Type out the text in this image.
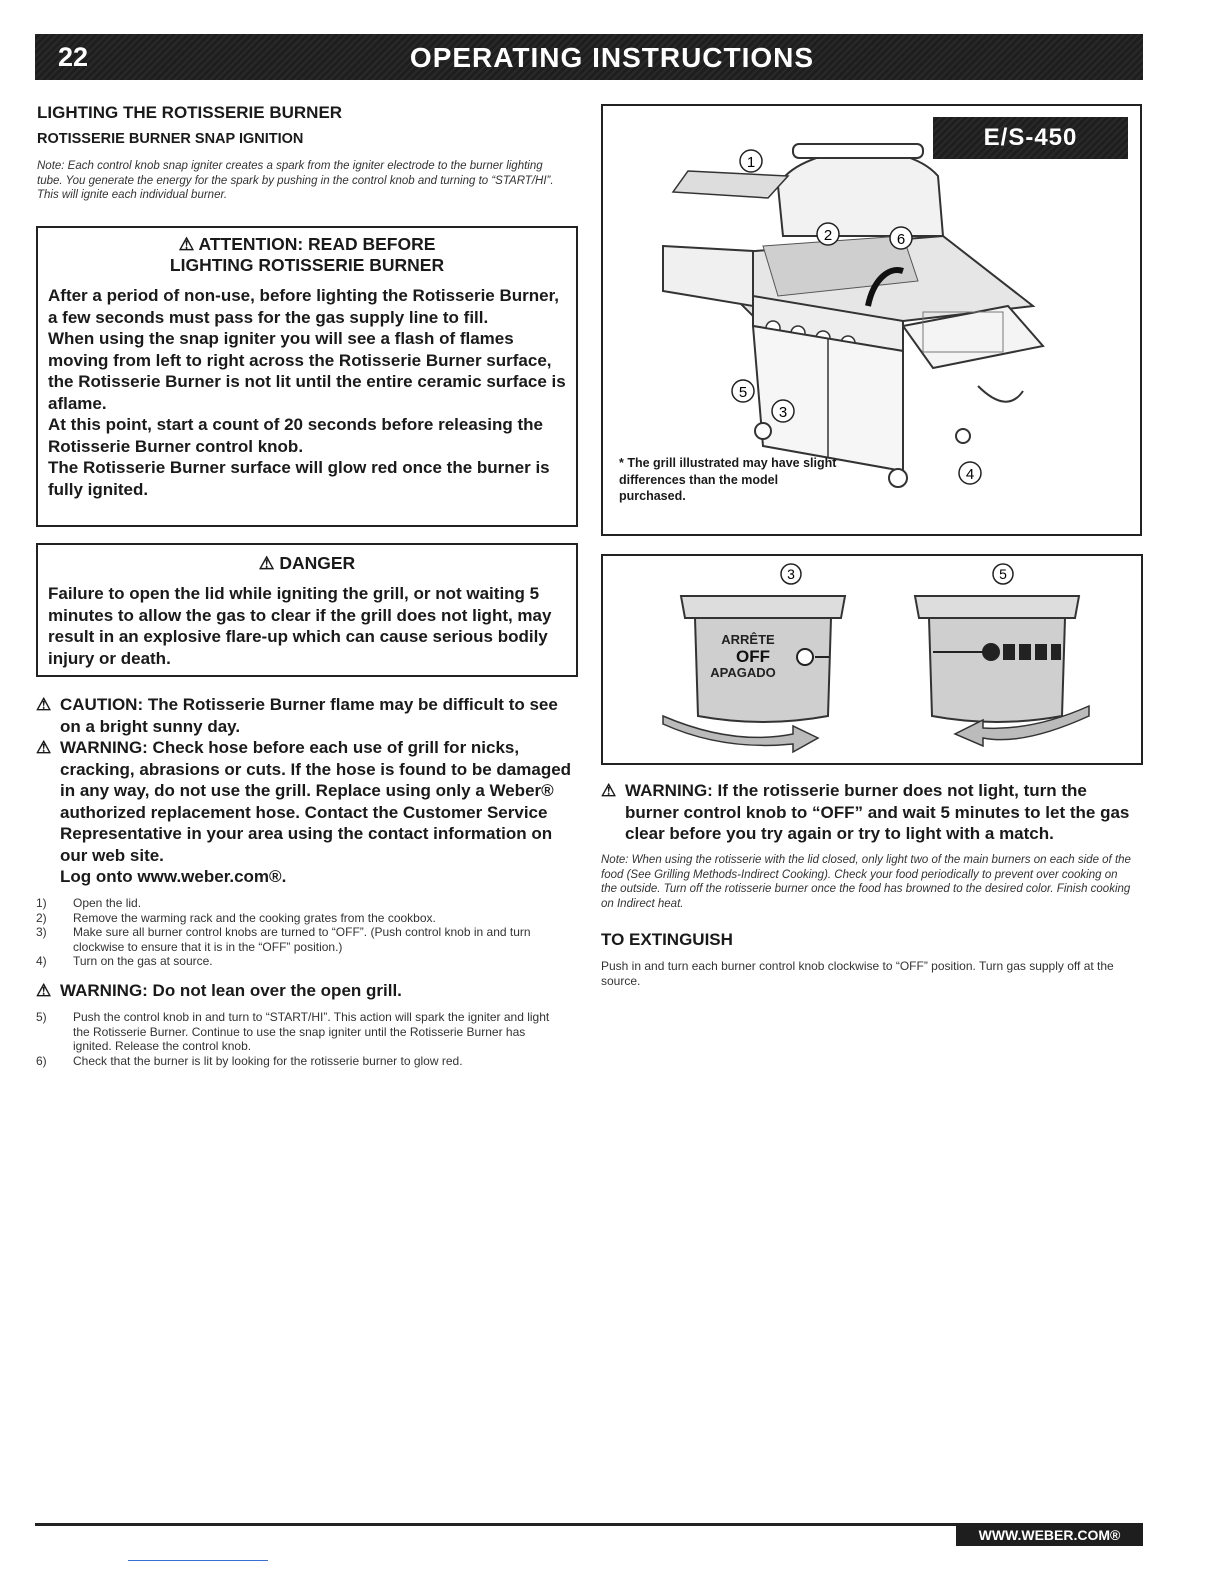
22	OPERATING INSTRUCTIONS
LIGHTING THE ROTISSERIE BURNER
ROTISSERIE BURNER SNAP IGNITION
Note: Each control knob snap igniter creates a spark from the igniter electrode to the burner lighting tube. You generate the energy for the spark by pushing in the control knob and turning to “START/HI”. This will ignite each individual burner.
⚠ ATTENTION: READ BEFORE
LIGHTING ROTISSERIE BURNER
After a period of non-use, before lighting the Rotisserie Burner, a few seconds must pass for the gas supply line to fill.
When using the snap igniter you will see a flash of flames moving from left to right across the Rotisserie Burner surface, the Rotisserie Burner is not lit until the entire ceramic surface is aflame.
At this point, start a count of 20 seconds before releasing the Rotisserie Burner control knob.
The Rotisserie Burner surface will glow red once the burner is fully ignited.
⚠ DANGER
Failure to open the lid while igniting the grill, or not waiting 5 minutes to allow the gas to clear if the grill does not light, may result in an explosive flare-up which can cause serious bodily injury or death.
⚠ CAUTION: The Rotisserie Burner flame may be difficult to see on a bright sunny day.
⚠ WARNING: Check hose before each use of grill for nicks, cracking, abrasions or cuts. If the hose is found to be damaged in any way, do not use the grill. Replace using only a Weber® authorized replacement hose. Contact the Customer Service Representative in your area using the contact information on our web site.
Log onto www.weber.com®.
1) Open the lid.
2) Remove the warming rack and the cooking grates from the cookbox.
3) Make sure all burner control knobs are turned to “OFF”. (Push control knob in and turn clockwise to ensure that it is in the “OFF” position.)
4) Turn on the gas at source.
⚠ WARNING: Do not lean over the open grill.
5) Push the control knob in and turn to “START/HI”. This action will spark the igniter and light the Rotisserie Burner. Continue to use the snap igniter until the Rotisserie Burner has ignited. Release the control knob.
6) Check that the burner is lit by looking for the rotisserie burner to glow red.
1
2
3
4
5
6
* The grill illustrated may have slight differences than the model purchased.
E/S-450
3
ARRÊTE
OFF
APAGADO
5
⚠ WARNING: If the rotisserie burner does not light, turn the burner control knob to “OFF” and wait 5 minutes to let the gas clear before you try again or try to light with a match.
Note: When using the rotisserie with the lid closed, only light two of the main burners on each side of the food (See Grilling Methods-Indirect Cooking). Check your food periodically to prevent over cooking on the outside. Turn off the rotisserie burner once the food has browned to the desired color. Finish cooking on Indirect heat.
TO EXTINGUISH
Push in and turn each burner control knob clockwise to “OFF” position. Turn gas supply off at the source.
WWW.WEBER.COM®
